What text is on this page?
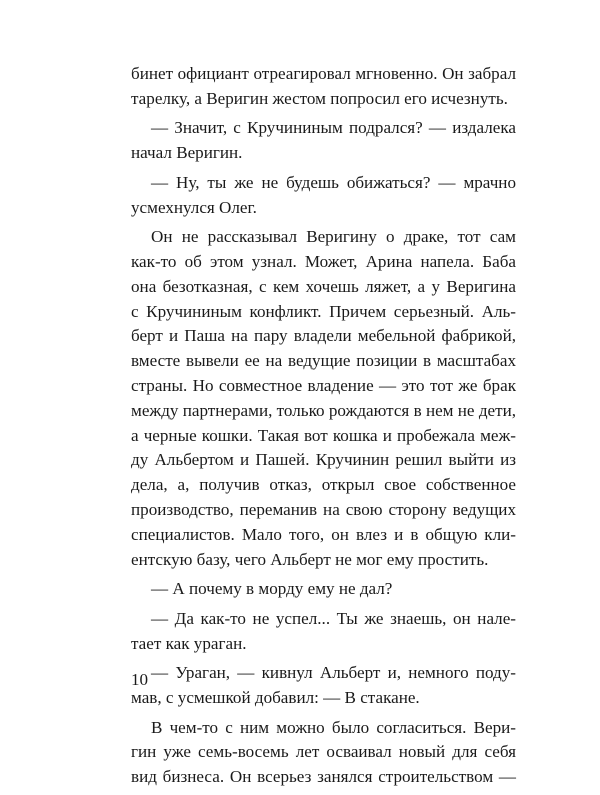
бинет официант отреагировал мгновенно. Он забрал
тарелку, а Веригин жестом попросил его исчезнуть.

— Значит, с Кручининым подрался? — издалека
начал Веригин.

— Ну, ты же не будешь обижаться? — мрачно
усмехнулся Олег.

Он не рассказывал Веригину о драке, тот сам
как-то об этом узнал. Может, Арина напела. Баба
она безотказная, с кем хочешь ляжет, а у Веригина
с Кручининым конфликт. Причем серьезный. Аль-
берт и Паша на пару владели мебельной фабрикой,
вместе вывели ее на ведущие позиции в масштабах
страны. Но совместное владение — это тот же брак
между партнерами, только рождаются в нем не дети,
а черные кошки. Такая вот кошка и пробежала меж-
ду Альбертом и Пашей. Кручинин решил выйти из
дела, а, получив отказ, открыл свое собственное
производство, переманив на свою сторону ведущих
специалистов. Мало того, он влез и в общую кли-
ентскую базу, чего Альберт не мог ему простить.

— А почему в морду ему не дал?

— Да как-то не успел... Ты же знаешь, он нале-
тает как ураган.

— Ураган, — кивнул Альберт и, немного поду-
мав, с усмешкой добавил: — В стакане.

В чем-то с ним можно было согласиться. Вери-
гин уже семь-восемь лет осваивал новый для себя
вид бизнеса. Он всерьез занялся строительством —

10
